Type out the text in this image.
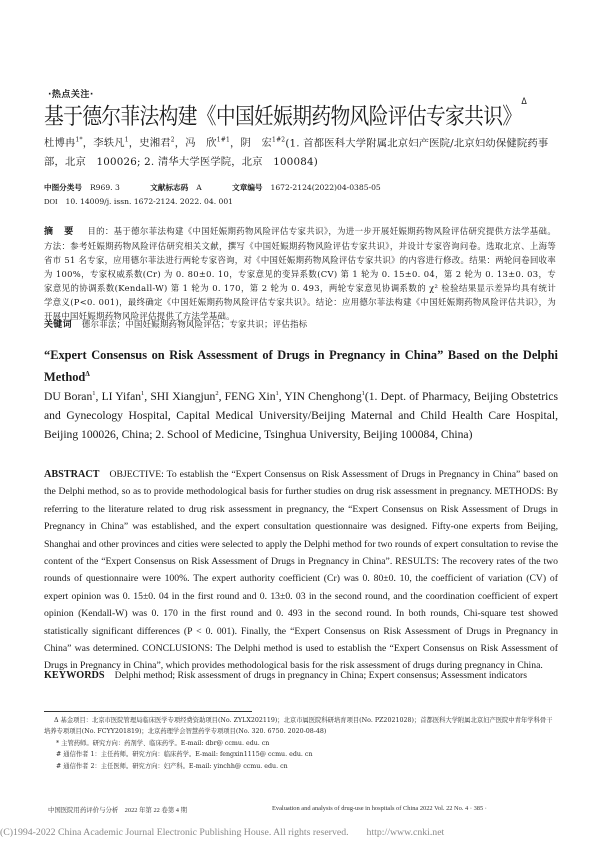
·热点关注·
基于德尔菲法构建《中国妊娠期药物风险评估专家共识》$^\Delta$
杜博冉$^{1*}$，李轶凡$^1$，史湘君$^2$，冯　欣$^{1\#1}$，阴　宏$^{1\#2}$(1. 首都医科大学附属北京妇产医院/北京妇幼保健院药事部，北京　100026; 2. 清华大学医学院，北京　100084)
中图分类号 R969. 3	文献标志码 A	文章编号 1672-2124(2022)04-0385-05
DOI 10. 14009/j. issn. 1672-2124. 2022. 04. 001
摘 要 目的：基于德尔菲法构建《中国妊娠期药物风险评估专家共识》，为进一步开展妊娠期药物风险评估研究提供方法学基础。方法：参考妊娠期药物风险评估研究相关文献，撰写《中国妊娠期药物风险评估专家共识》，并设计专家咨询问卷。选取北京、上海等省市 51 名专家，应用德尔菲法进行两轮专家咨询，对《中国妊娠期药物风险评估专家共识》的内容进行修改。结果：两轮问卷回收率为 100%，专家权威系数(Cr) 为 0. 80±0. 10，专家意见的变异系数(CV) 第 1 轮为 0. 15±0. 04，第 2 轮为 0. 13±0. 03，专家意见的协调系数(Kendall-W) 第 1 轮为 0. 170，第 2 轮为 0. 493，两轮专家意见协调系数的 χ² 检验结果显示差异均具有统计学意义(P<0. 001)，最终确定《中国妊娠期药物风险评估专家共识》。结论：应用德尔菲法构建《中国妊娠期药物风险评估共识》，为开展中国妊娠期药物风险评估提供了方法学基础。
关键词 德尔菲法；中国妊娠期药物风险评估；专家共识；评估指标
“Expert Consensus on Risk Assessment of Drugs in Pregnancy in China” Based on the Delphi Method$^\Delta$
DU Boran$^1$, LI Yifan$^1$, SHI Xiangjun$^2$, FENG Xin$^1$, YIN Chenghong$^1$(1. Dept. of Pharmacy, Beijing Obstetrics and Gynecology Hospital, Capital Medical University/Beijing Maternal and Child Health Care Hospital, Beijing 100026, China; 2. School of Medicine, Tsinghua University, Beijing 100084, China)
ABSTRACT OBJECTIVE: To establish the “Expert Consensus on Risk Assessment of Drugs in Pregnancy in China” based on the Delphi method, so as to provide methodological basis for further studies on drug risk assessment in pregnancy. METHODS: By referring to the literature related to drug risk assessment in pregnancy, the “Expert Consensus on Risk Assessment of Drugs in Pregnancy in China” was established, and the expert consultation questionnaire was designed. Fifty-one experts from Beijing, Shanghai and other provinces and cities were selected to apply the Delphi method for two rounds of expert consultation to revise the content of the “Expert Consensus on Risk Assessment of Drugs in Pregnancy in China”. RESULTS: The recovery rates of the two rounds of questionnaire were 100%. The expert authority coefficient (Cr) was 0. 80±0. 10, the coefficient of variation (CV) of expert opinion was 0. 15±0. 04 in the first round and 0. 13±0. 03 in the second round, and the coordination coefficient of expert opinion (Kendall-W) was 0. 170 in the first round and 0. 493 in the second round. In both rounds, Chi-square test showed statistically significant differences (P < 0. 001). Finally, the “Expert Consensus on Risk Assessment of Drugs in Pregnancy in China” was determined. CONCLUSIONS: The Delphi method is used to establish the “Expert Consensus on Risk Assessment of Drugs in Pregnancy in China”, which provides methodological basis for the risk assessment of drugs during pregnancy in China.
KEYWORDS Delphi method; Risk assessment of drugs in pregnancy in China; Expert consensus; Assessment indicators
Δ 基金项目：北京市医院管理局临床医学专项经费资助项目(No. ZYLX202119)；北京市属医院科研培育项目(No. PZ2021028)；首都医科大学附属北京妇产医院中青年学科骨干培养专项项目(No. FCYY201819)；北京药理学会智慧药学专项项目(No. 320. 6750. 2020-08-48)
* 主管药师。研究方向：药剂学、临床药学。E-mail: dbr@ ccmu. edu. cn
# 通信作者 1：主任药师。研究方向：临床药学。E-mail: fengxin1115@ ccmu. edu. cn
# 通信作者 2：主任医师。研究方向：妇产科。E-mail: yinchh@ ccmu. edu. cn
中国医院用药评价与分析　2022 年第 22 卷第 4 期	Evaluation and analysis of drug-use in hospitals of China 2022 Vol. 22 No. 4 · 385 ·
(C)1994-2022 China Academic Journal Electronic Publishing House. All rights reserved. http://www.cnki.net
